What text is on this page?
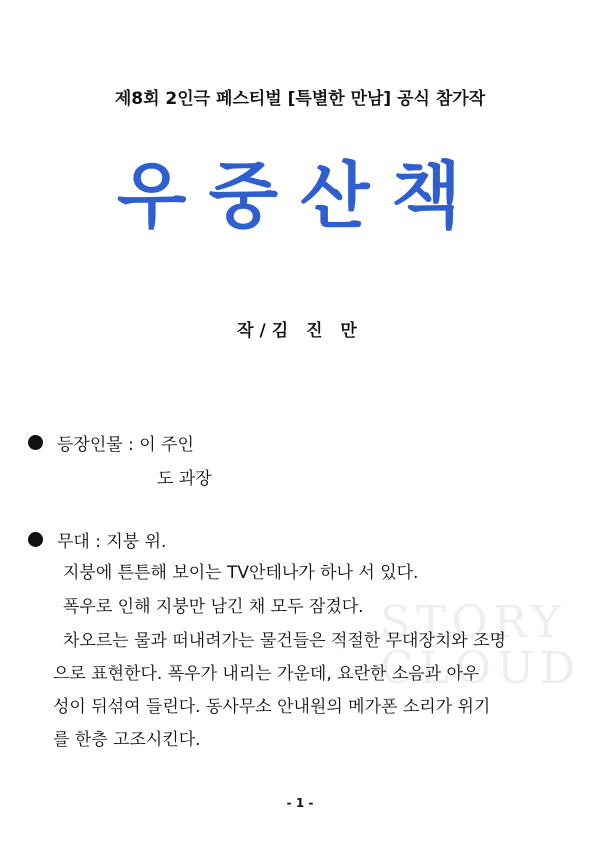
제8회 2인극 페스티벌 [특별한 만남] 공식 참가작
우중산책
작/김 진 만
등장인물 : 이 주인
도 과장
무대 : 지붕 위.
STORY
CLOUD
지붕에 튼튼해 보이는 TV안테나가 하나 서 있다.
폭우로 인해 지붕만 남긴 채 모두 잠겼다.
차오르는 물과 떠내려가는 물건들은 적절한 무대장치와 조명
으로 표현한다. 폭우가 내리는 가운데, 요란한 소음과 아우
성이 뒤섞여 들린다. 동사무소 안내원의 메가폰 소리가 위기
를 한층 고조시킨다.
- 1 -
